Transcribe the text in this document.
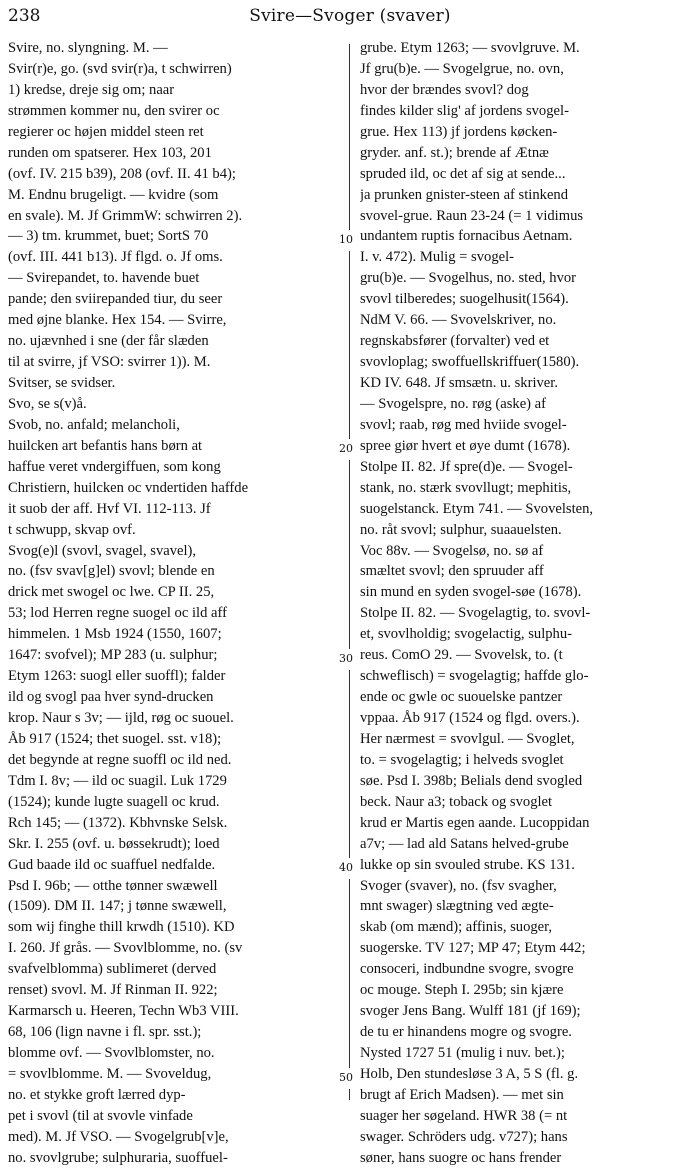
238	Svire—Svoger (svaver)
Svire, no. slyngning. M. —
Svir(r)e, go. (svd svir(r)a, t schwirren)
1) kredse, dreje sig om; naar
strømmen kommer nu, den svirer oc
regierer oc højen middel steen ret
runden om spatserer. Hex 103, 201
(ovf. IV. 215 b39), 208 (ovf. II. 41 b4);
M. Endnu brugeligt. — kvidre (som
en svale). M. Jf GrimmW: schwirren 2).
— 3) tm. krummet, buet; SortS 70
(ovf. III. 441 b13). Jf flgd. o. Jf oms.
— Svirepandet, to. havende buet
pande; den sviirepanded tiur, du seer
med øjne blanke. Hex 154. — Svirre,
no. ujævnhed i sne (der får slæden
til at svirre, jf VSO: svirrer 1)). M.
Svitser, se svidser.
Svo, se s(v)å.
Svob, no. anfald; melancholi,
huilcken art befantis hans børn at
haffue veret vndergiffuen, som kong
Christiern, huilcken oc vndertiden haffde
it suob der aff. Hvf VI. 112-113. Jf
t schwupp, skvap ovf.
Svog(e)l (svovl, svagel, svavel),
no. (fsv svav[g]el) svovl; blende en
drick met swogel oc lwe. CP II. 25,
53; lod Herren regne suogel oc ild aff
himmelen. 1 Msb 1924 (1550, 1607;
1647: svofvel); MP 283 (u. sulphur;
Etym 1263: suogl eller suoffl); falder
ild og svogl paa hver synd-drucken
krop. Naur s 3v; — ijld, røg oc suouel.
Åb 917 (1524; thet suogel. sst. v18);
det begynde at regne suoffl oc ild ned.
Tdm I. 8v; — ild oc suagil. Luk 1729
(1524); kunde lugte suagell oc krud.
Rch 145; — (1372). Kbhvnske Selsk.
Skr. I. 255 (ovf. u. bøssekrudt); loed
Gud baade ild oc suaffuel nedfalde.
Psd I. 96b; — otthe tønner swæwell
(1509). DM II. 147; j tønne swæwell,
som wij finghe thill krwdh (1510). KD
I. 260. Jf grås. — Svovlblomme, no. (sv
svafvelblomma) sublimeret (derved
renset) svovl. M. Jf Rinman II. 922;
Karmarsch u. Heeren, Techn Wb3 VIII.
68, 106 (lign navne i fl. spr. sst.);
blomme ovf. — Svovlblomster, no.
= svovlblomme. M. — Svoveldug,
no. et stykke groft lærred dyp-
pet i svovl (til at svovle vinfade
med). M. Jf VSO. — Svogelgrub[v]e,
no. svovlgrube; sulphuraria, suoffuel-
10
20
30
40
50
grube. Etym 1263; — svovlgruve. M.
Jf gru(b)e. — Svogelgrue, no. ovn,
hvor der brændes svovl? dog
findes kilder slig' af jordens svogel-
grue. Hex 113) jf jordens køcken-
gryder. anf. st.); brende af Ætnæ
spruded ild, oc det af sig at sende...
ja prunken gnister-steen af stinkend
svovel-grue. Raun 23-24 (= 1 vidimus
undantem ruptis fornacibus Aetnam.
I. v. 472). Mulig = svogel-
gru(b)e. — Svogelhus, no. sted, hvor
svovl tilberedes; suogelhusit(1564).
NdM V. 66. — Svovelskriver, no.
regnskabsfører (forvalter) ved et
svovloplag; swoffuellskriffuer(1580).
KD IV. 648. Jf smsætn. u. skriver.
— Svogelspre, no. røg (aske) af
svovl; raab, røg med hviide svogel-
spree giør hvert et øye dumt (1678).
Stolpe II. 82. Jf spre(d)e. — Svogel-
stank, no. stærk svovllugt; mephitis,
suogelstanck. Etym 741. — Svovelsten,
no. råt svovl; sulphur, suaauelsten.
Voc 88v. — Svogelsø, no. sø af
smæltet svovl; den spruuder aff
sin mund en syden svogel-søe (1678).
Stolpe II. 82. — Svogelagtig, to. svovl-
et, svovlholdig; svogelactig, sulphu-
reus. ComO 29. — Svovelsk, to. (t
schweflisch) = svogelagtig; haffde glo-
ende oc gwle oc suouelske pantzer
vppaa. Åb 917 (1524 og flgd. overs.).
Her nærmest = svovlgul. — Svoglet,
to. = svogelagtig; i helveds svoglet
søe. Psd I. 398b; Belials dend svogled
beck. Naur a3; toback og svoglet
krud er Martis egen aande. Lucoppidan
a7v; — lad ald Satans helved-grube
lukke op sin svouled strube. KS 131.
Svoger (svaver), no. (fsv svagher,
mnt swager) slægtning ved ægte-
skab (om mænd); affinis, suoger,
suogerske. TV 127; MP 47; Etym 442;
consoceri, indbundne svogre, svogre
oc mouge. Steph I. 295b; sin kjære
svoger Jens Bang. Wulff 181 (jf 169);
de tu er hinandens mogre og svogre.
Nysted 1727 51 (mulig i nuv. bet.);
Holb, Den stundesløse 3 A, 5 S (fl. g.
brugt af Erich Madsen). — met sin
suager her søgeland. HWR 38 (= nt
swager. Schröders udg. v727); hans
søner, hans suogre oc hans frender
